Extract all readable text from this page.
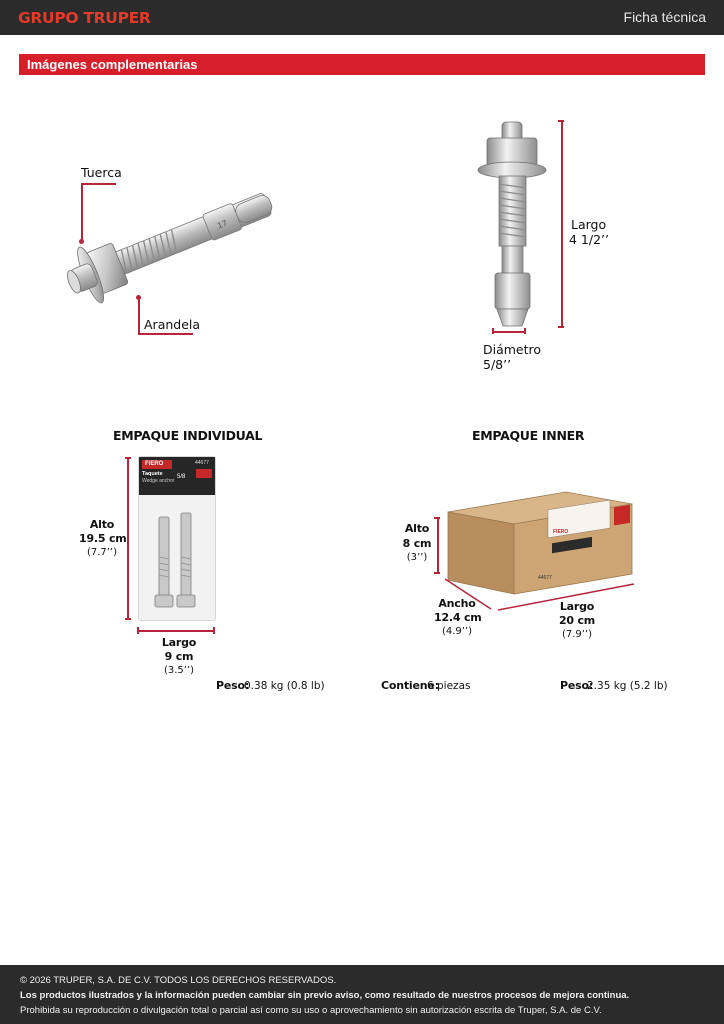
GRUPO TRUPER	Ficha técnica
Imágenes complementarias
17
Tuerca
Arandela
Largo
4 1/2’’
Diámetro
5/8’’
EMPAQUE INDIVIDUAL
FIERO	44677
Taquete
Wedge anchor
5/8
Alto
19.5 cm
(7.7’’)
Largo
9 cm
(3.5’’)
Peso:
0.38 kg (0.8 lb)
EMPAQUE INNER
FIERO
44677
Alto
8 cm
(3’’)
Ancho
12.4 cm
(4.9’’)
Largo
20 cm
(7.9’’)
Contiene:
6 piezas	Peso:
2.35 kg (5.2 lb)
© 2026 TRUPER, S.A. DE C.V. TODOS LOS DERECHOS RESERVADOS.
Los productos ilustrados y la información pueden cambiar sin previo aviso, como resultado de nuestros procesos de mejora continua.
Prohibida su reproducción o divulgación total o parcial así como su uso o aprovechamiento sin autorización escrita de Truper, S.A. de C.V.
